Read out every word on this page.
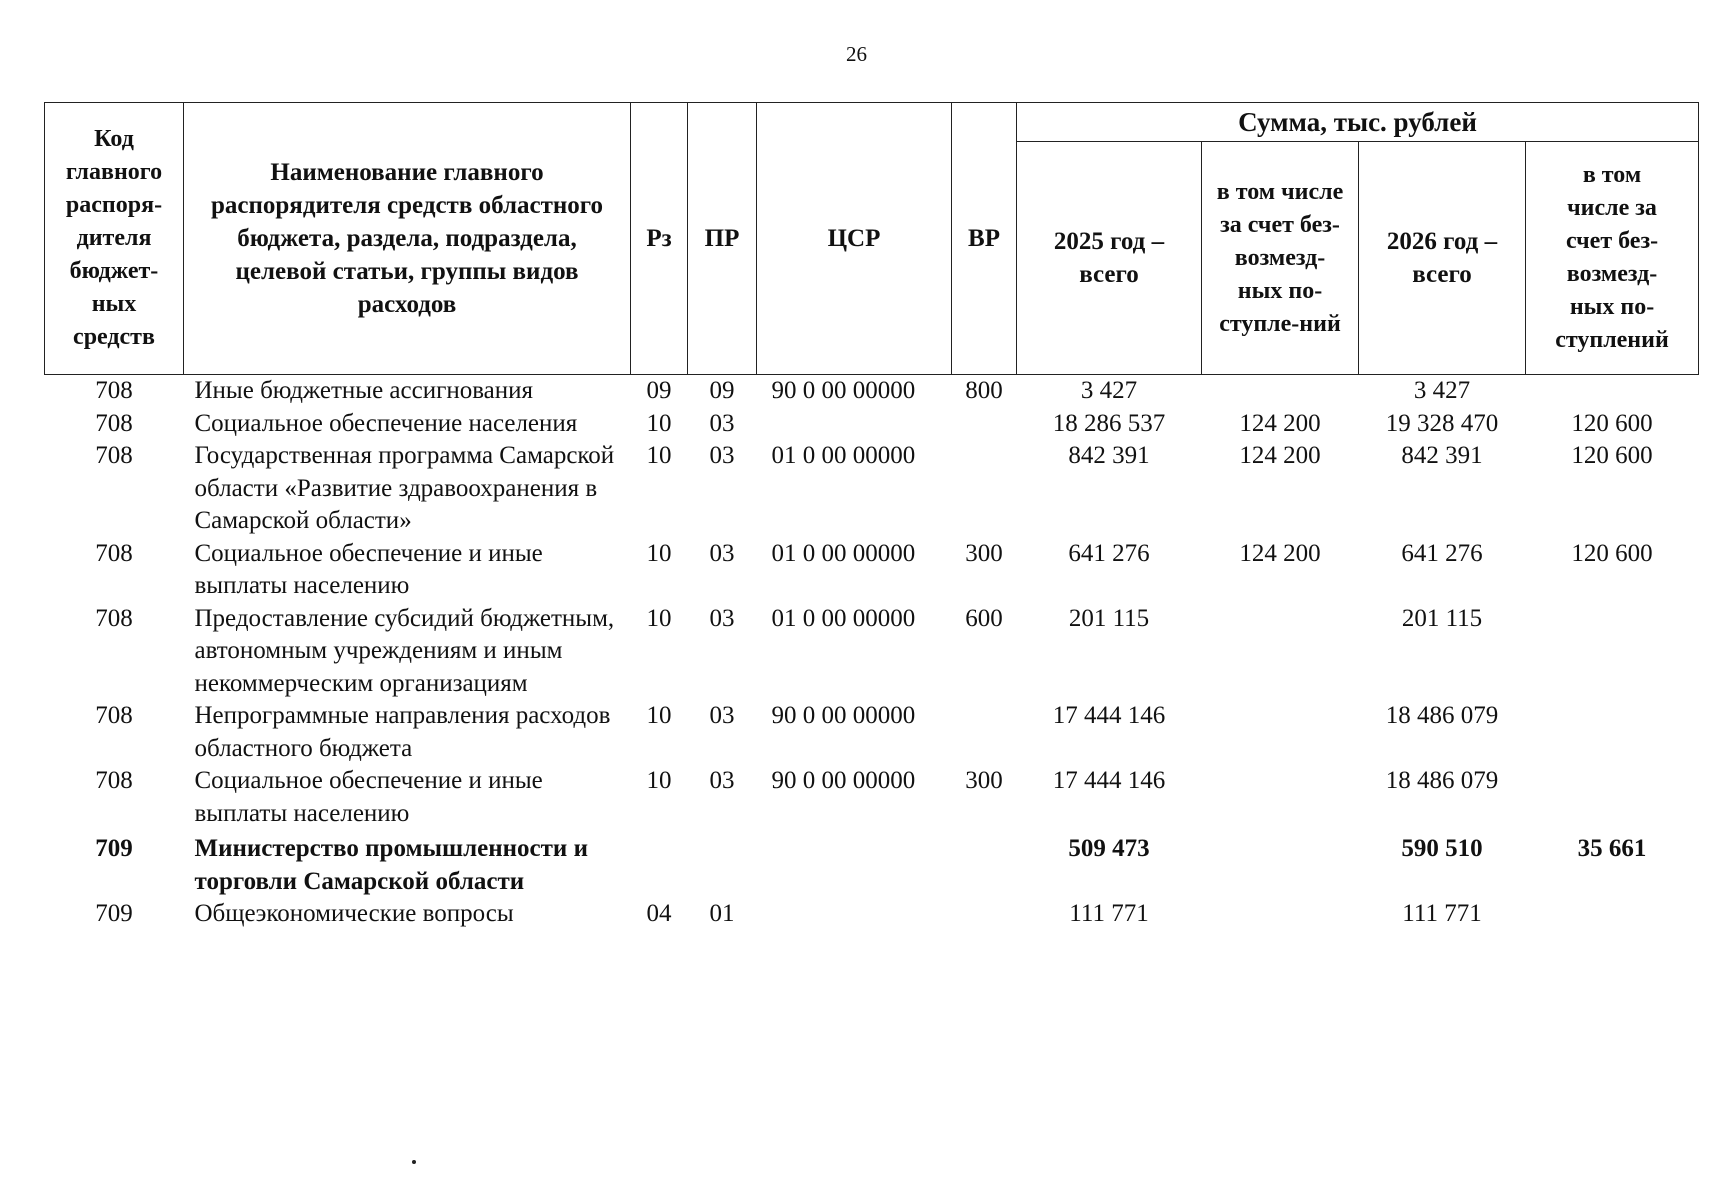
26
Код главного распоря-дителя бюджет-ных средств	Наименование главного распорядителя средств областного бюджета, раздела, подраздела, целевой статьи, группы видов расходов	Рз	ПР	ЦСР	ВР	Сумма, тыс. рублей			
						2025 год – всего	в том числе за счет без-возмезд-ных по-ступле-ний	2026 год – всего	в том числе за счет без-возмезд-ных по-ступлений
708	Иные бюджетные ассигнования	09	09	90 0 00 00000	800	3 427		3 427	
708	Социальное обеспечение населения	10	03			18 286 537	124 200	19 328 470	120 600
708	Государственная программа Самарской области «Развитие здравоохранения в Самарской области»	10	03	01 0 00 00000		842 391	124 200	842 391	120 600
708	Социальное обеспечение и иные выплаты населению	10	03	01 0 00 00000	300	641 276	124 200	641 276	120 600
708	Предоставление субсидий бюджетным, автономным учреждениям и иным некоммерческим организациям	10	03	01 0 00 00000	600	201 115		201 115	
708	Непрограммные направления расходов областного бюджета	10	03	90 0 00 00000		17 444 146		18 486 079	
708	Социальное обеспечение и иные выплаты населению	10	03	90 0 00 00000	300	17 444 146		18 486 079	
709	Министерство промышленности и торговли Самарской области					509 473		590 510	35 661
709	Общеэкономические вопросы	04	01			111 771		111 771	
